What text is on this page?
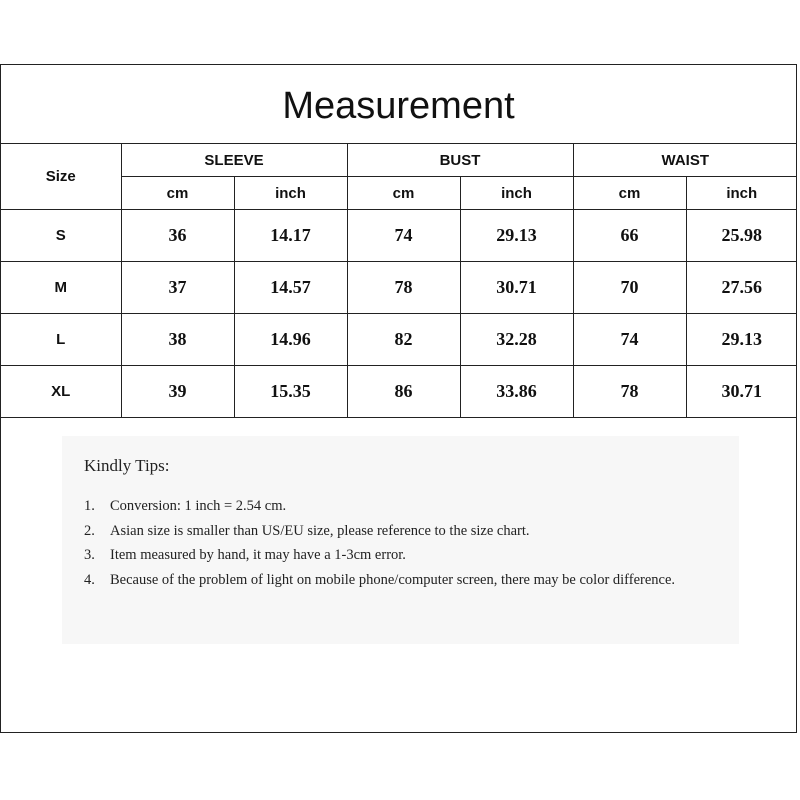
Measurement
Size	SLEEVE		BUST		WAIST	
	cm	inch	cm	inch	cm	inch
S	36	14.17	74	29.13	66	25.98
M	37	14.57	78	30.71	70	27.56
L	38	14.96	82	32.28	74	29.13
XL	39	15.35	86	33.86	78	30.71
Kindly Tips:
1.	Conversion: 1 inch = 2.54 cm.
2.	Asian size is smaller than US/EU size, please reference to the size chart.
3.	Item measured by hand, it may have a 1-3cm error.
4.	Because of the problem of light on mobile phone/computer screen, there may be color difference.
